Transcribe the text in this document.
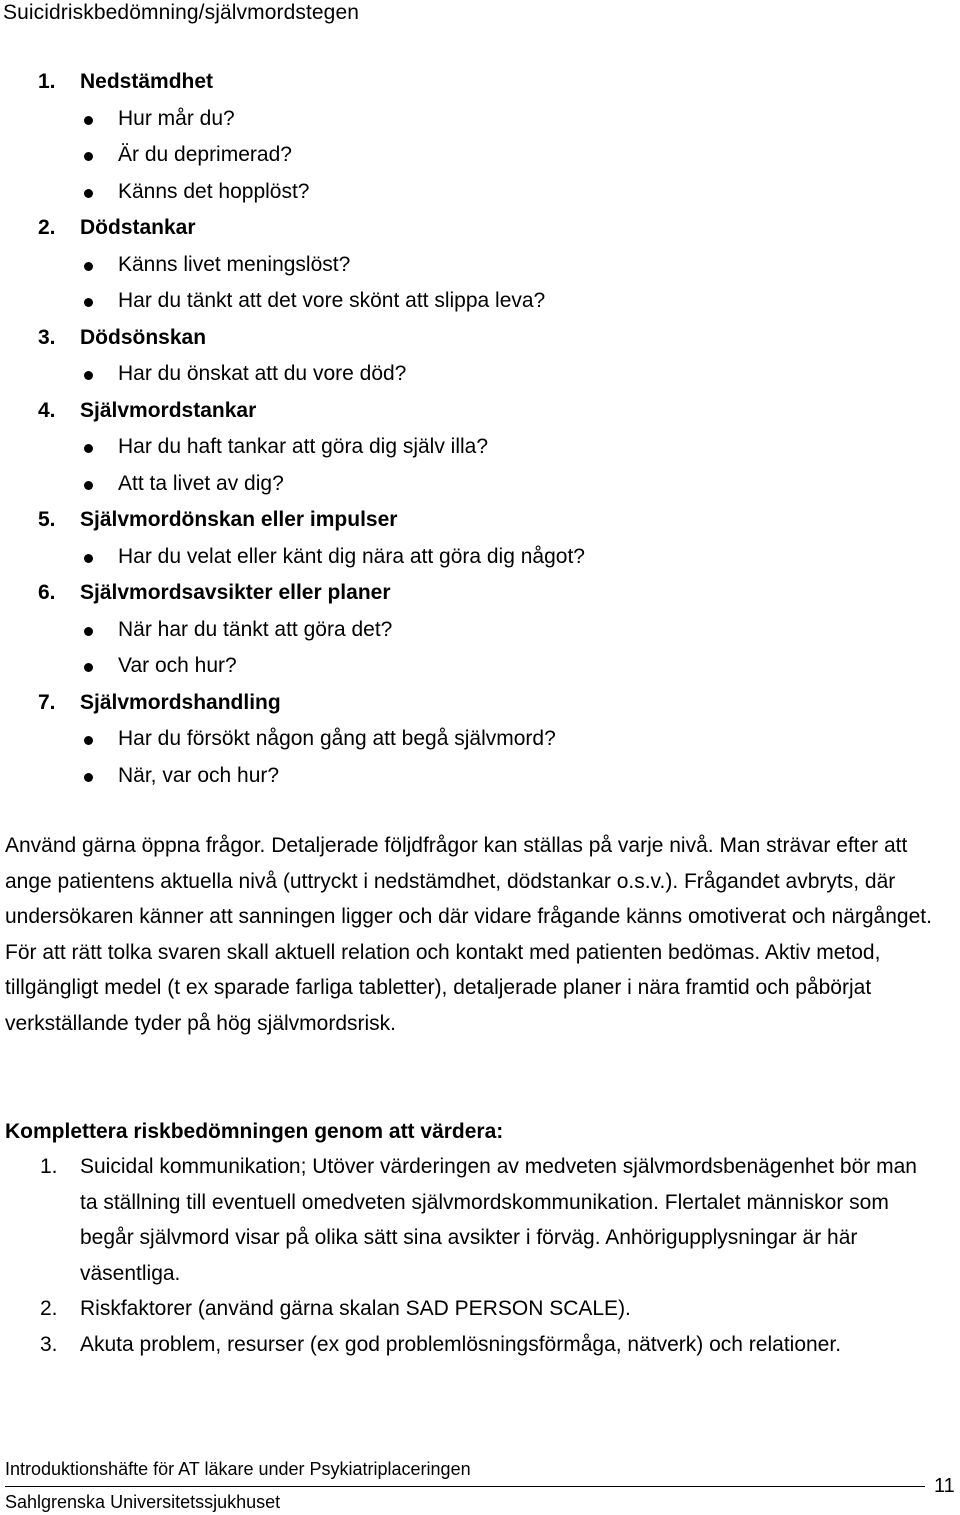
Suicidriskbedömning/självmordstegen
1. Nedstämdhet
Hur mår du?
Är du deprimerad?
Känns det hopplöst?
2. Dödstankar
Känns livet meningslöst?
Har du tänkt att det vore skönt att slippa leva?
3. Dödsönskan
Har du önskat att du vore död?
4. Självmordstankar
Har du haft tankar att göra dig själv illa?
Att ta livet av dig?
5. Självmordönskan eller impulser
Har du velat eller känt dig nära att göra dig något?
6. Självmordsavsikter eller planer
När har du tänkt att göra det?
Var och hur?
7. Självmordshandling
Har du försökt någon gång att begå självmord?
När, var och hur?

Använd gärna öppna frågor. Detaljerade följdfrågor kan ställas på varje nivå. Man strävar efter att ange patientens aktuella nivå (uttryckt i nedstämdhet, dödstankar o.s.v.). Frågandet avbryts, där undersökaren känner att sanningen ligger och där vidare frågande känns omotiverat och närgånget.

För att rätt tolka svaren skall aktuell relation och kontakt med patienten bedömas. Aktiv metod, tillgängligt medel (t ex sparade farliga tabletter), detaljerade planer i nära framtid och påbörjat verkställande tyder på hög självmordsrisk.

Komplettera riskbedömningen genom att värdera:
1. Suicidal kommunikation; Utöver värderingen av medveten självmordsbenägenhet bör man ta ställning till eventuell omedveten självmordskommunikation. Flertalet människor som begår självmord visar på olika sätt sina avsikter i förväg. Anhörigupplysningar är här väsentliga.
2. Riskfaktorer (använd gärna skalan SAD PERSON SCALE).
3. Akuta problem, resurser (ex god problemlösningsförmåga, nätverk) och relationer.
Introduktionshäfte för AT läkare under Psykiatriplaceringen
Sahlgrenska Universitetssjukhuset
11
